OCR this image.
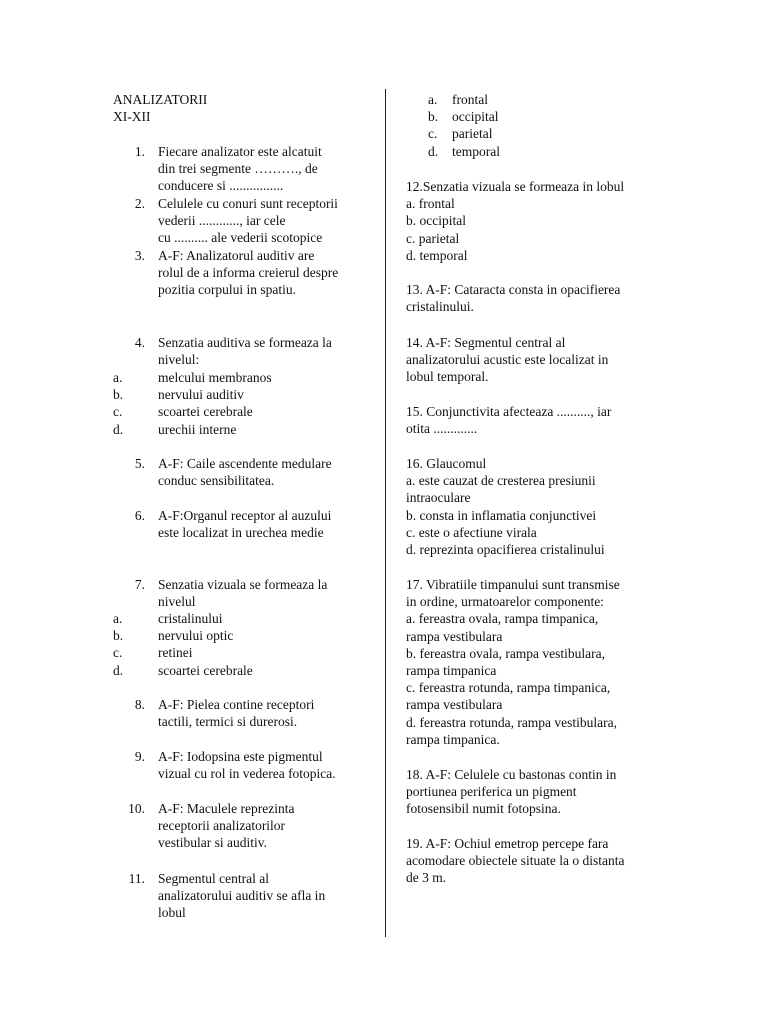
ANALIZATORII
XI-XII
1. Fiecare analizator este alcatuit
din trei segmente ………., de
conducere si ................
2. Celulele cu conuri sunt receptorii
vederii ............, iar cele
cu .......... ale vederii scotopice
3. A-F: Analizatorul auditiv are
rolul de a informa creierul despre
pozitia corpului in spatiu.
4. Senzatia auditiva se formeaza la
nivelul:
a.	melcului membranos
b.	nervului auditiv
c.	scoartei cerebrale
d.	urechii interne
5. A-F: Caile ascendente medulare
conduc sensibilitatea.
6. A-F:Organul receptor al auzului
este localizat in urechea medie
7. Senzatia vizuala se formeaza la
nivelul
a.	cristalinului
b.	nervului optic
c.	retinei
d.	scoartei cerebrale
8. A-F: Pielea contine receptori
tactili, termici si durerosi.
9. A-F: Iodopsina este pigmentul
vizual cu rol in vederea fotopica.
10. A-F: Maculele reprezinta
receptorii analizatorilor
vestibular si auditiv.
11. Segmentul central al
analizatorului auditiv se afla in
lobul
a. frontal
b. occipital
c. parietal
d. temporal
12.Senzatia vizuala se formeaza in lobul
a. frontal
b. occipital
c. parietal
d. temporal
13. A-F: Cataracta consta in opacifierea
cristalinului.
14. A-F: Segmentul central al
analizatorului acustic este localizat in
lobul temporal.
15. Conjunctivita afecteaza .........., iar
otita .............
16. Glaucomul
a. este cauzat de cresterea presiunii
intraoculare
b. consta in inflamatia conjunctivei
c. este o afectiune virala
d. reprezinta opacifierea cristalinului
17. Vibratiile timpanului sunt transmise
in ordine, urmatoarelor componente:
a. fereastra ovala, rampa timpanica,
rampa vestibulara
b. fereastra ovala, rampa vestibulara,
rampa timpanica
c. fereastra rotunda, rampa timpanica,
rampa vestibulara
d. fereastra rotunda, rampa vestibulara,
rampa timpanica.
18. A-F: Celulele cu bastonas contin in
portiunea periferica un pigment
fotosensibil numit fotopsina.
19. A-F: Ochiul emetrop percepe fara
acomodare obiectele situate la o distanta
de 3 m.
